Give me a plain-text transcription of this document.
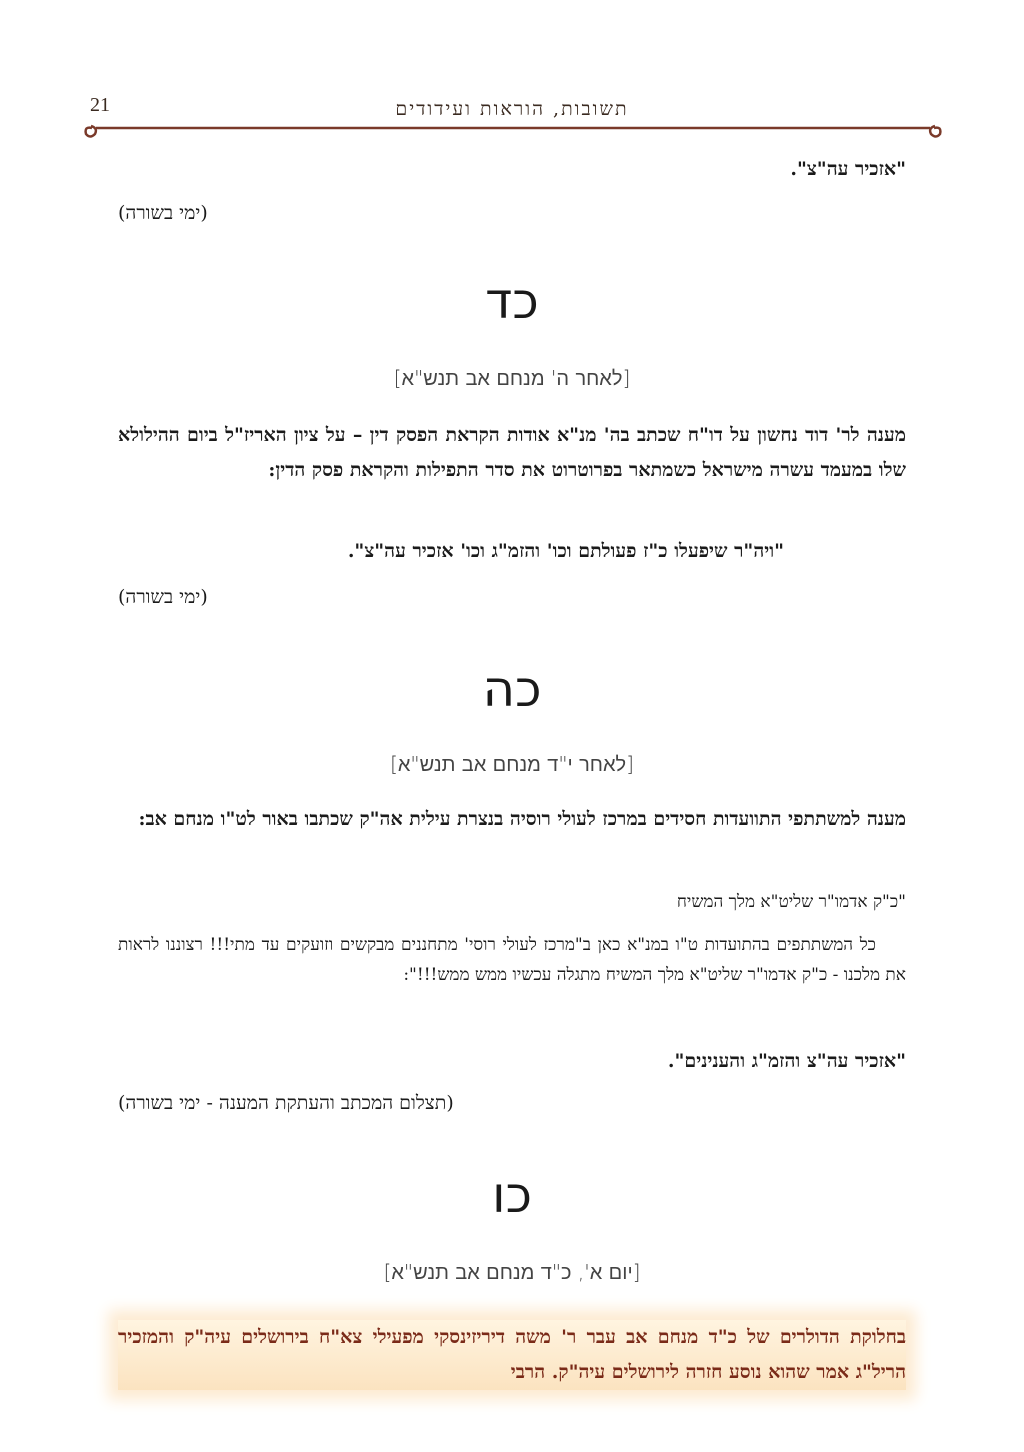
21	תשובות, הוראות ועידודים
"אזכיר עה"צ".
(ימי בשורה)
כד
[לאחר ה' מנחם אב תנש"א]
מענה לר' דוד נחשון על דו"ח שכתב בה' מנ"א אודות הקראת הפסק דין – על ציון האריז"ל ביום ההילולא שלו במעמד עשרה מישראל כשמתאר בפרוטרוט את סדר התפילות והקראת פסק הדין:
"ויה"ר שיפעלו כ"ז פעולתם וכו' והזמ"ג וכו' אזכיר עה"צ".
(ימי בשורה)
כה
[לאחר י"ד מנחם אב תנש"א]
מענה למשתתפי התוועדות חסידים במרכז לעולי רוסיה בנצרת עילית אה"ק שכתבו באור לט"ו מנחם אב:
"כ"ק אדמו"ר שליט"א מלך המשיח
כל המשתתפים בהתועדות ט"ו במנ"א כאן ב"מרכז לעולי רוסי' מתחננים מבקשים וזועקים עד מתי!!! רצוננו לראות את מלכנו - כ"ק אדמו"ר שליט"א מלך המשיח מתגלה עכשיו ממש ממש!!!":
"אזכיר עה"צ והזמ"ג והענינים".
(תצלום המכתב והעתקת המענה - ימי בשורה)
כו
[יום א', כ"ד מנחם אב תנש"א]
בחלוקת הדולרים של כ"ד מנחם אב עבר ר' משה דיריזינסקי מפעילי צא"ח בירושלים עיה"ק והמזכיר הריל"ג אמר שהוא נוסע חזרה לירושלים עיה"ק. הרבי
